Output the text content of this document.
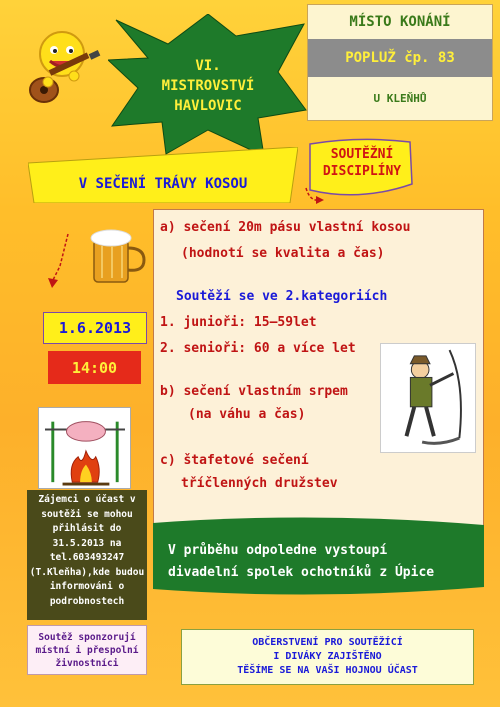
MÍSTO KONÁNÍ
POPLUŽ čp. 83
U KLEŇHŮ
VI.
MISTROVSTVÍ
HAVLOVIC
V SEČENÍ TRÁVY KOSOU
SOUTĚŽNÍ
DISCIPLÍNY
a) sečení 20m pásu vlastní kosou
(hodnotí se kvalita a čas)
Soutěží se ve 2.kategoriích
1. junioři: 15—59let
2. senioři: 60 a více let
b) sečení vlastním srpem
(na váhu a čas)
c) štafetové sečení
tříčlenných družstev
V průběhu odpoledne vystoupí
divadelní spolek ochotníků z Úpice
1.6.2013
14:00
Zájemci o účast v
soutěži se mohou
přihlásit do
31.5.2013 na
tel.603493247
(T.Kleňha),kde budou
informováni o
podrobnostech
Soutěž sponzorují
místní i přespolní
živnostníci
OBČERSTVENÍ PRO SOUTĚŽÍCÍ
I DIVÁKY ZAJIŠTĚNO
TĚŠÍME SE NA VAŠI HOJNOU ÚČAST
